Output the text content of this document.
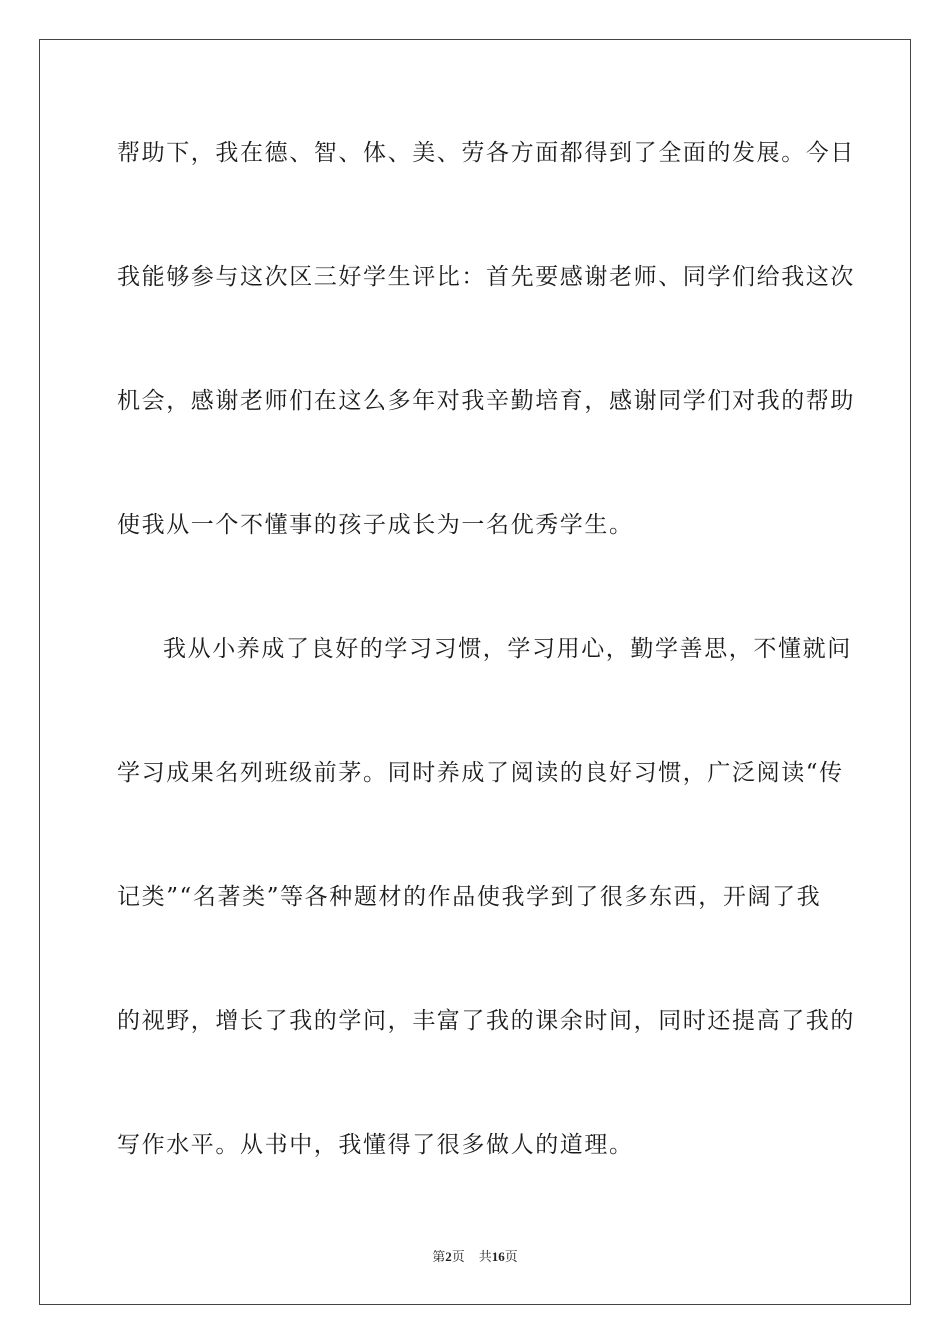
帮助下，我在德、智、体、美、劳各方面都得到了全面的发展。今日
我能够参与这次区三好学生评比：首先要感谢老师、同学们给我这次
机会，感谢老师们在这么多年对我辛勤培育，感谢同学们对我的帮助
使我从一个不懂事的孩子成长为一名优秀学生。
我从小养成了良好的学习习惯，学习用心，勤学善思，不懂就问
学习成果名列班级前茅。同时养成了阅读的良好习惯，广泛阅读“传
记类”“名著类”等各种题材的作品使我学到了很多东西，开阔了我
的视野，增长了我的学问，丰富了我的课余时间，同时还提高了我的
写作水平。从书中，我懂得了很多做人的道理。
第2页 共16页
